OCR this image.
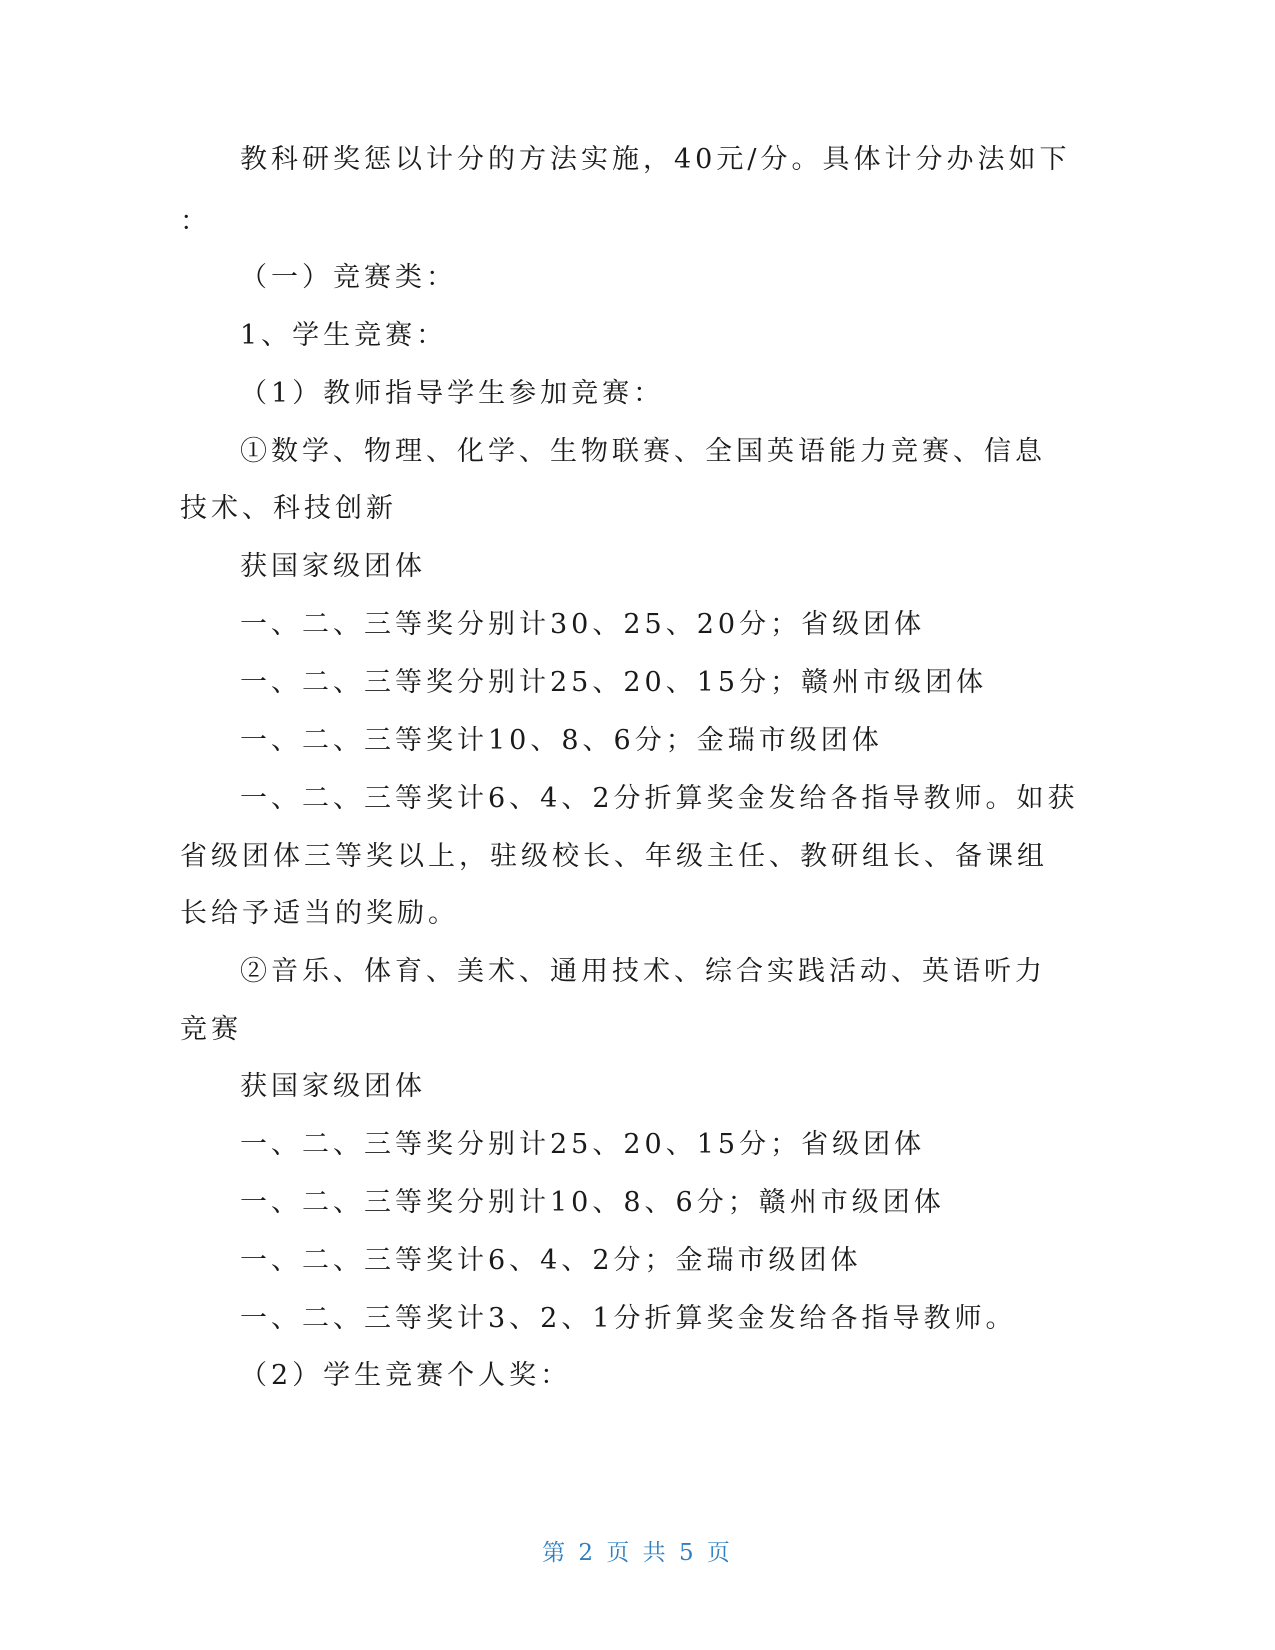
教科研奖惩以计分的方法实施，40元/分。具体计分办法如下
：
（一）竞赛类：
1、学生竞赛：
（1）教师指导学生参加竞赛：
①数学、物理、化学、生物联赛、全国英语能力竞赛、信息
技术、科技创新
获国家级团体
一、二、三等奖分别计30、25、20分；省级团体
一、二、三等奖分别计25、20、15分；赣州市级团体
一、二、三等奖计10、8、6分；金瑞市级团体
一、二、三等奖计6、4、2分折算奖金发给各指导教师。如获
省级团体三等奖以上，驻级校长、年级主任、教研组长、备课组
长给予适当的奖励。
②音乐、体育、美术、通用技术、综合实践活动、英语听力
竞赛
获国家级团体
一、二、三等奖分别计25、20、15分；省级团体
一、二、三等奖分别计10、8、6分；赣州市级团体
一、二、三等奖计6、4、2分；金瑞市级团体
一、二、三等奖计3、2、1分折算奖金发给各指导教师。
（2）学生竞赛个人奖：
第 2 页 共 5 页
